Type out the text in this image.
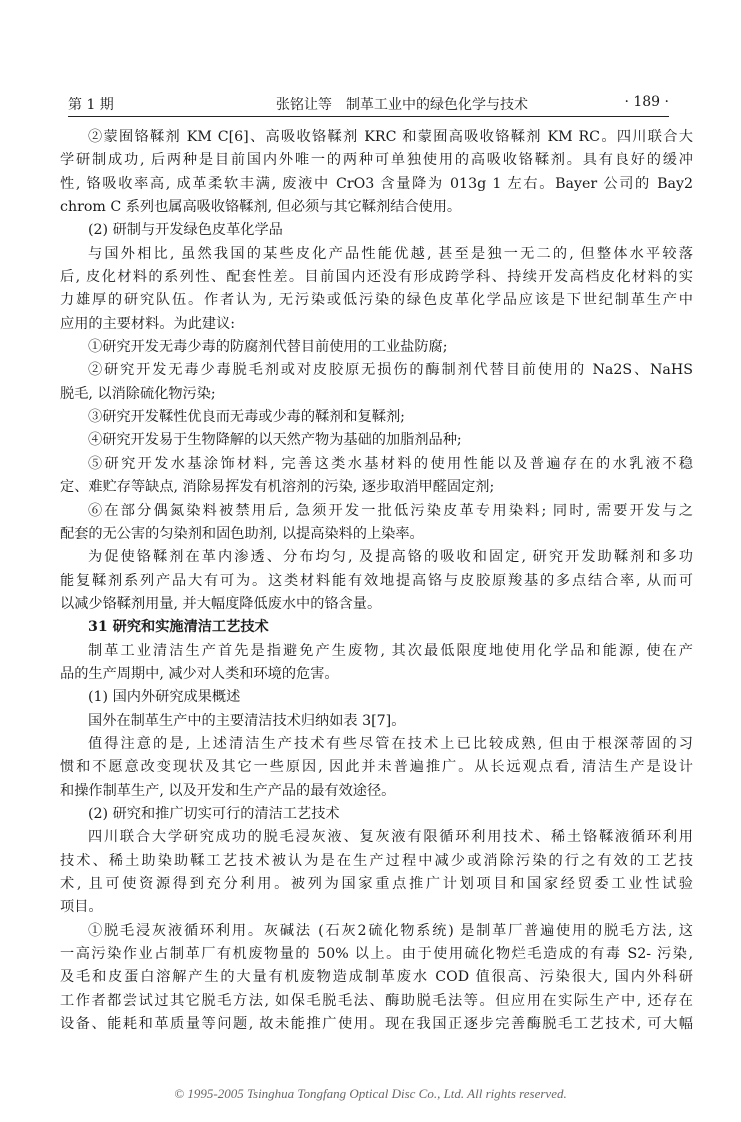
第 1 期	张铭让等　制革工业中的绿色化学与技术	· 189 ·
②蒙囿铬鞣剂 KM C[6]、高吸收铬鞣剂 KRC 和蒙囿高吸收铬鞣剂 KM RC。四川联合大
学研制成功, 后两种是目前国内外唯一的两种可单独使用的高吸收铬鞣剂。具有良好的缓冲
性, 铬吸收率高, 成革柔软丰满, 废液中 CrO3 含量降为 013g 1 左右。Bayer 公司的 Bay2
chrom C 系列也属高吸收铬鞣剂, 但必须与其它鞣剂结合使用。
(2) 研制与开发绿色皮革化学品
与国外相比, 虽然我国的某些皮化产品性能优越, 甚至是独一无二的, 但整体水平较落
后, 皮化材料的系列性、配套性差。目前国内还没有形成跨学科、持续开发高档皮化材料的实
力雄厚的研究队伍。作者认为, 无污染或低污染的绿色皮革化学品应该是下世纪制革生产中
应用的主要材料。为此建议:
①研究开发无毒少毒的防腐剂代替目前使用的工业盐防腐;
②研究开发无毒少毒脱毛剂或对皮胶原无损伤的酶制剂代替目前使用的 Na2S、NaHS
脱毛, 以消除硫化物污染;
③研究开发鞣性优良而无毒或少毒的鞣剂和复鞣剂;
④研究开发易于生物降解的以天然产物为基础的加脂剂品种;
⑤研究开发水基涂饰材料, 完善这类水基材料的使用性能以及普遍存在的水乳液不稳
定、难贮存等缺点, 消除易挥发有机溶剂的污染, 逐步取消甲醛固定剂;
⑥在部分偶氮染料被禁用后, 急须开发一批低污染皮革专用染料; 同时, 需要开发与之
配套的无公害的匀染剂和固色助剂, 以提高染料的上染率。
为促使铬鞣剂在革内渗透、分布均匀, 及提高铬的吸收和固定, 研究开发助鞣剂和多功
能复鞣剂系列产品大有可为。这类材料能有效地提高铬与皮胶原羧基的多点结合率, 从而可
以减少铬鞣剂用量, 并大幅度降低废水中的铬含量。
31 研究和实施清洁工艺技术
制革工业清洁生产首先是指避免产生废物, 其次最低限度地使用化学品和能源, 使在产
品的生产周期中, 减少对人类和环境的危害。
(1) 国内外研究成果概述
国外在制革生产中的主要清洁技术归纳如表 3[7]。
值得注意的是, 上述清洁生产技术有些尽管在技术上已比较成熟, 但由于根深蒂固的习
惯和不愿意改变现状及其它一些原因, 因此并未普遍推广。从长远观点看, 清洁生产是设计
和操作制革生产, 以及开发和生产产品的最有效途径。
(2) 研究和推广切实可行的清洁工艺技术
四川联合大学研究成功的脱毛浸灰液、复灰液有限循环利用技术、稀土铬鞣液循环利用
技术、稀土助染助鞣工艺技术被认为是在生产过程中减少或消除污染的行之有效的工艺技
术, 且可使资源得到充分利用。被列为国家重点推广计划项目和国家经贸委工业性试验
项目。
①脱毛浸灰液循环利用。灰碱法 (石灰2硫化物系统) 是制革厂普遍使用的脱毛方法, 这
一高污染作业占制革厂有机废物量的 50% 以上。由于使用硫化物烂毛造成的有毒 S2- 污染,
及毛和皮蛋白溶解产生的大量有机废物造成制革废水 COD 值很高、污染很大, 国内外科研
工作者都尝试过其它脱毛方法, 如保毛脱毛法、酶助脱毛法等。但应用在实际生产中, 还存在
设备、能耗和革质量等问题, 故未能推广使用。现在我国正逐步完善酶脱毛工艺技术, 可大幅
© 1995-2005 Tsinghua Tongfang Optical Disc Co., Ltd. All rights reserved.
